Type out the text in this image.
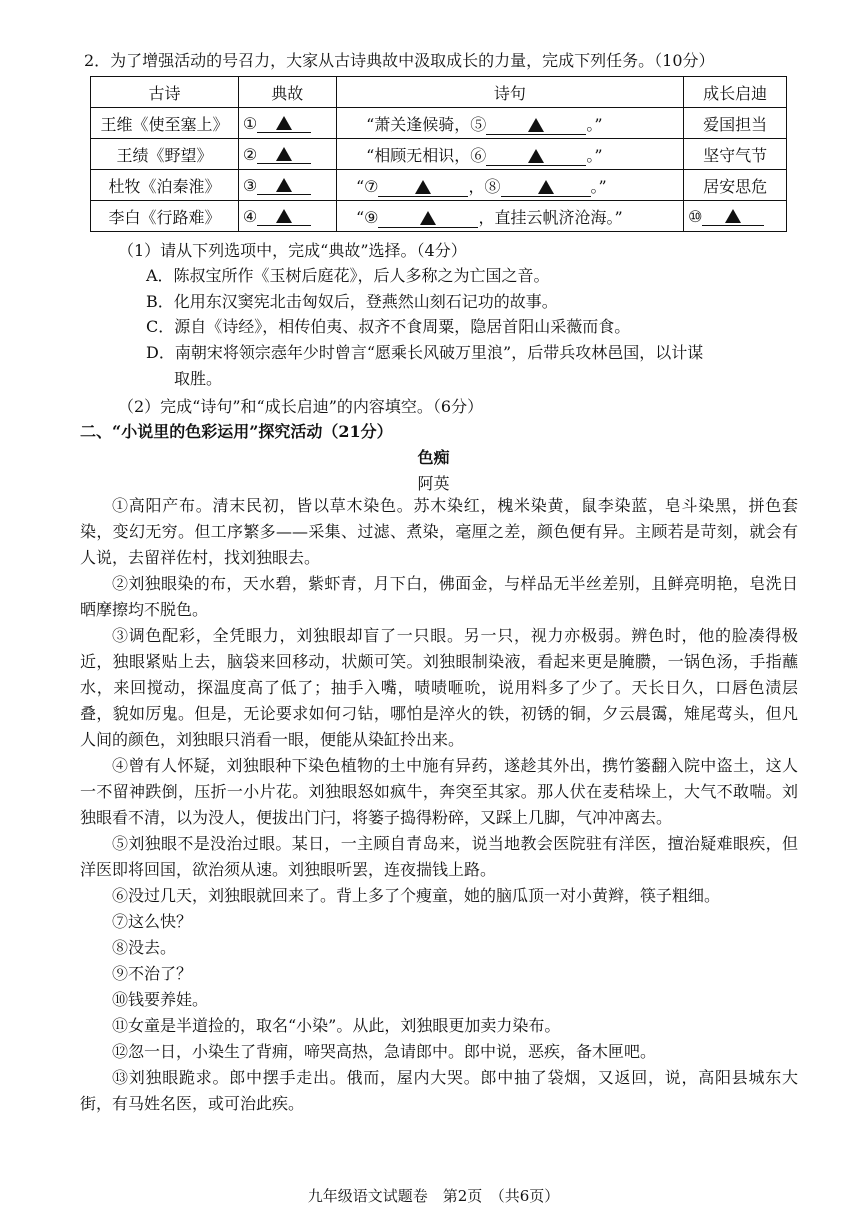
2．为了增强活动的号召力，大家从古诗典故中汲取成长的力量，完成下列任务。（10分）
古诗	典故	诗句	成长启迪
王维《使至塞上》	①	“萧关逢候骑，⑤ 。”	爱国担当
王绩《野望》	②	“相顾无相识，⑥ 。”	坚守气节
杜牧《泊秦淮》	③	“⑦ ，⑧ 。”	居安思危
李白《行路难》	④	“⑨ ，直挂云帆济沧海。”	⑩
（1）请从下列选项中，完成“典故”选择。（4分）
A．陈叔宝所作《玉树后庭花》，后人多称之为亡国之音。
B．化用东汉窦宪北击匈奴后，登燕然山刻石记功的故事。
C．源自《诗经》，相传伯夷、叔齐不食周粟，隐居首阳山采薇而食。
D．南朝宋将领宗悫年少时曾言“愿乘长风破万里浪”，后带兵攻林邑国，以计谋
取胜。
（2）完成“诗句”和“成长启迪”的内容填空。（6分）
二、“小说里的色彩运用”探究活动（21分）
色痴
阿英

①高阳产布。清末民初，皆以草木染色。苏木染红，槐米染黄，鼠李染蓝，皂斗染黑，拼色套染，变幻无穷。但工序繁多——采集、过滤、煮染，毫厘之差，颜色便有异。主顾若是苛刻，就会有人说，去留祥佐村，找刘独眼去。

②刘独眼染的布，天水碧，紫虾青，月下白，佛面金，与样品无半丝差别，且鲜亮明艳，皂洗日晒摩擦均不脱色。

③调色配彩，全凭眼力，刘独眼却盲了一只眼。另一只，视力亦极弱。辨色时，他的脸凑得极近，独眼紧贴上去，脑袋来回移动，状颇可笑。刘独眼制染液，看起来更是腌臜，一锅色汤，手指蘸水，来回搅动，探温度高了低了；抽手入嘴，啧啧咂吮，说用料多了少了。天长日久，口唇色渍层叠，貌如厉鬼。但是，无论要求如何刁钻，哪怕是淬火的铁，初锈的铜，夕云晨霭，雉尾莺头，但凡人间的颜色，刘独眼只消看一眼，便能从染缸拎出来。

④曾有人怀疑，刘独眼种下染色植物的土中施有异药，遂趁其外出，携竹篓翻入院中盗土，这人一不留神跌倒，压折一小片花。刘独眼怒如疯牛，奔突至其家。那人伏在麦秸垛上，大气不敢喘。刘独眼看不清，以为没人，便拔出门闩，将篓子捣得粉碎，又踩上几脚，气冲冲离去。

⑤刘独眼不是没治过眼。某日，一主顾自青岛来，说当地教会医院驻有洋医，擅治疑难眼疾，但洋医即将回国，欲治须从速。刘独眼听罢，连夜揣钱上路。

⑥没过几天，刘独眼就回来了。背上多了个瘦童，她的脑瓜顶一对小黄辫，筷子粗细。

⑦这么快？

⑧没去。

⑨不治了？

⑩钱要养娃。

⑪女童是半道捡的，取名“小染”。从此，刘独眼更加卖力染布。

⑫忽一日，小染生了背痈，啼哭高热，急请郎中。郎中说，恶疾，备木匣吧。

⑬刘独眼跪求。郎中摆手走出。俄而，屋内大哭。郎中抽了袋烟，又返回，说，高阳县城东大街，有马姓名医，或可治此疾。

九年级语文试题卷　第2页　（共6页）
